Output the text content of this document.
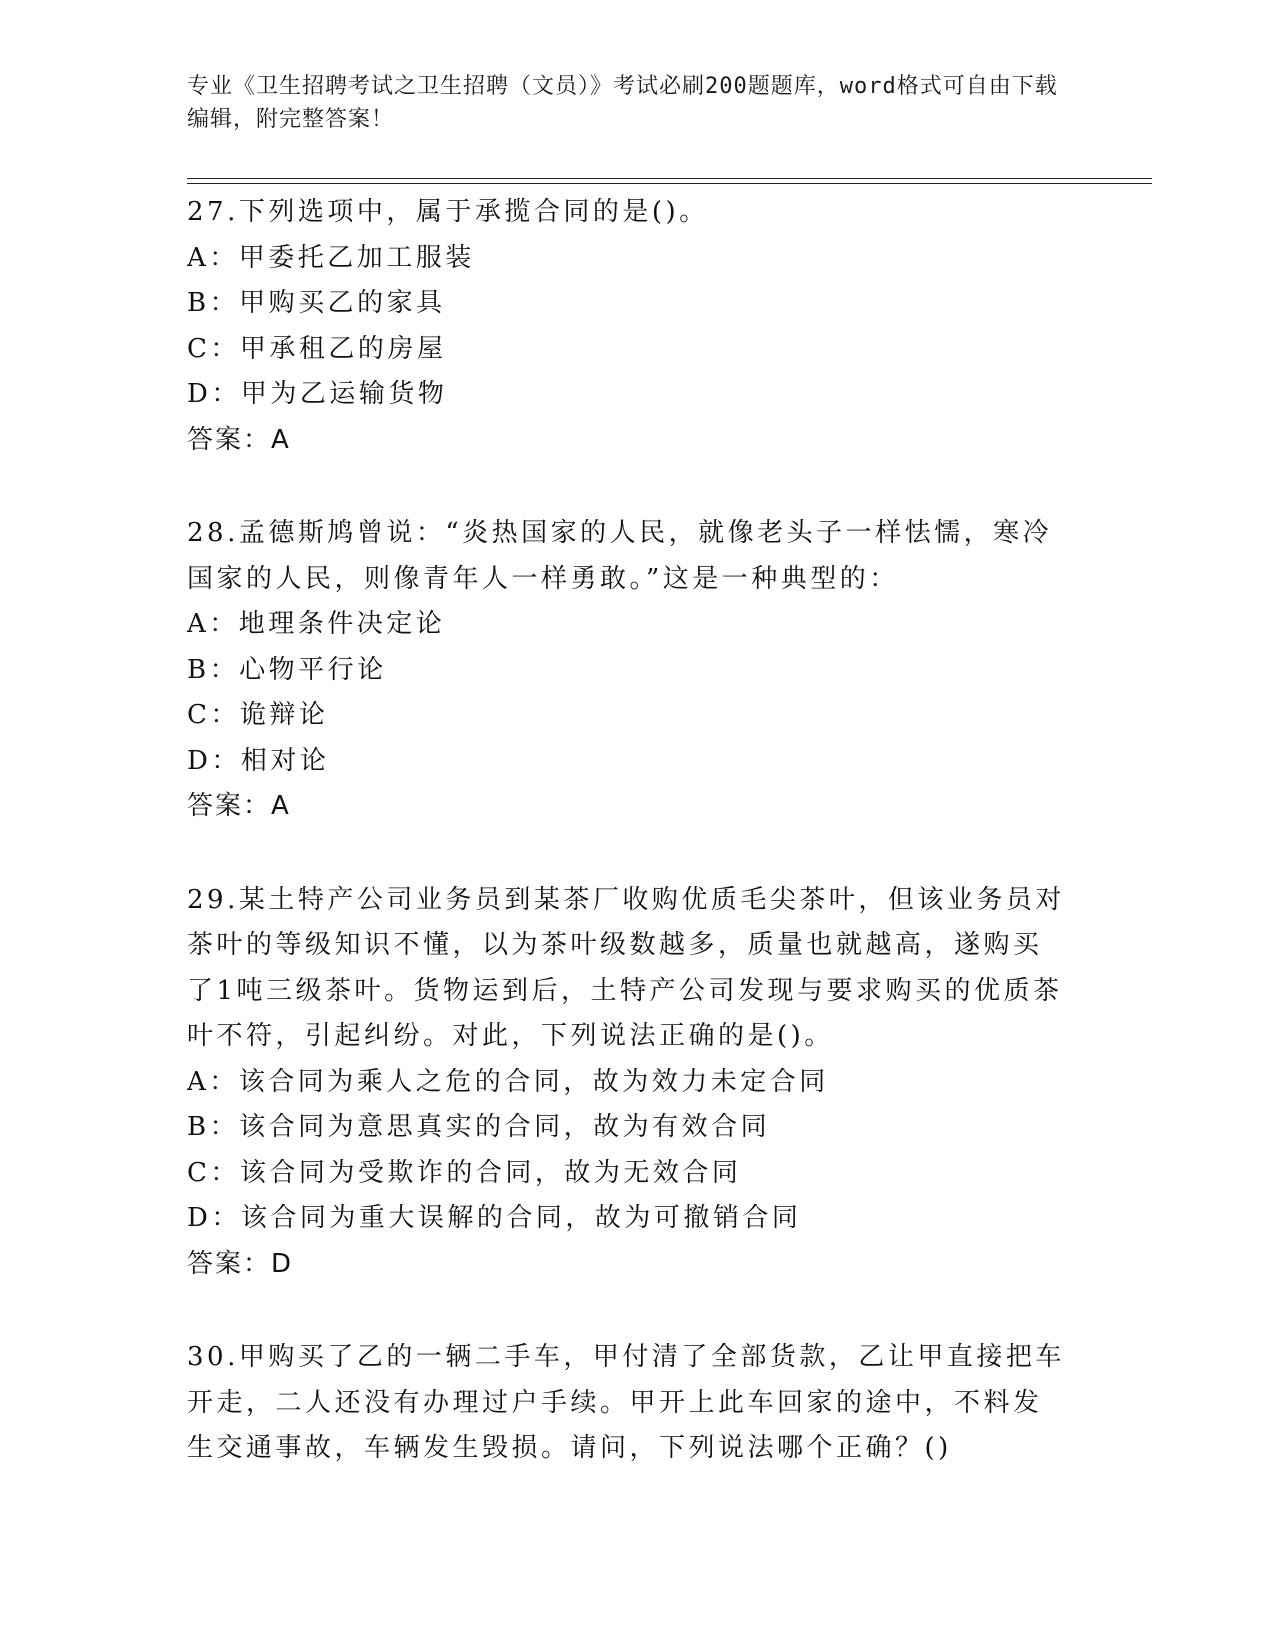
专业《卫生招聘考试之卫生招聘（文员）》考试必刷200题题库，word格式可自由下载编辑，附完整答案！

27.下列选项中，属于承揽合同的是()。

A：甲委托乙加工服装

B：甲购买乙的家具

C：甲承租乙的房屋

D：甲为乙运输货物

答案：A

28.孟德斯鸠曾说：“炎热国家的人民，就像老头子一样怯懦，寒冷国家的人民，则像青年人一样勇敢。”这是一种典型的：

A：地理条件决定论

B：心物平行论

C：诡辩论

D：相对论

答案：A

29.某土特产公司业务员到某茶厂收购优质毛尖茶叶，但该业务员对茶叶的等级知识不懂，以为茶叶级数越多，质量也就越高，遂购买了1吨三级茶叶。货物运到后，土特产公司发现与要求购买的优质茶叶不符，引起纠纷。对此，下列说法正确的是()。

A：该合同为乘人之危的合同，故为效力未定合同

B：该合同为意思真实的合同，故为有效合同

C：该合同为受欺诈的合同，故为无效合同

D：该合同为重大误解的合同，故为可撤销合同

答案：D

30.甲购买了乙的一辆二手车，甲付清了全部货款，乙让甲直接把车开走，二人还没有办理过户手续。甲开上此车回家的途中，不料发生交通事故，车辆发生毁损。请问，下列说法哪个正确？()
